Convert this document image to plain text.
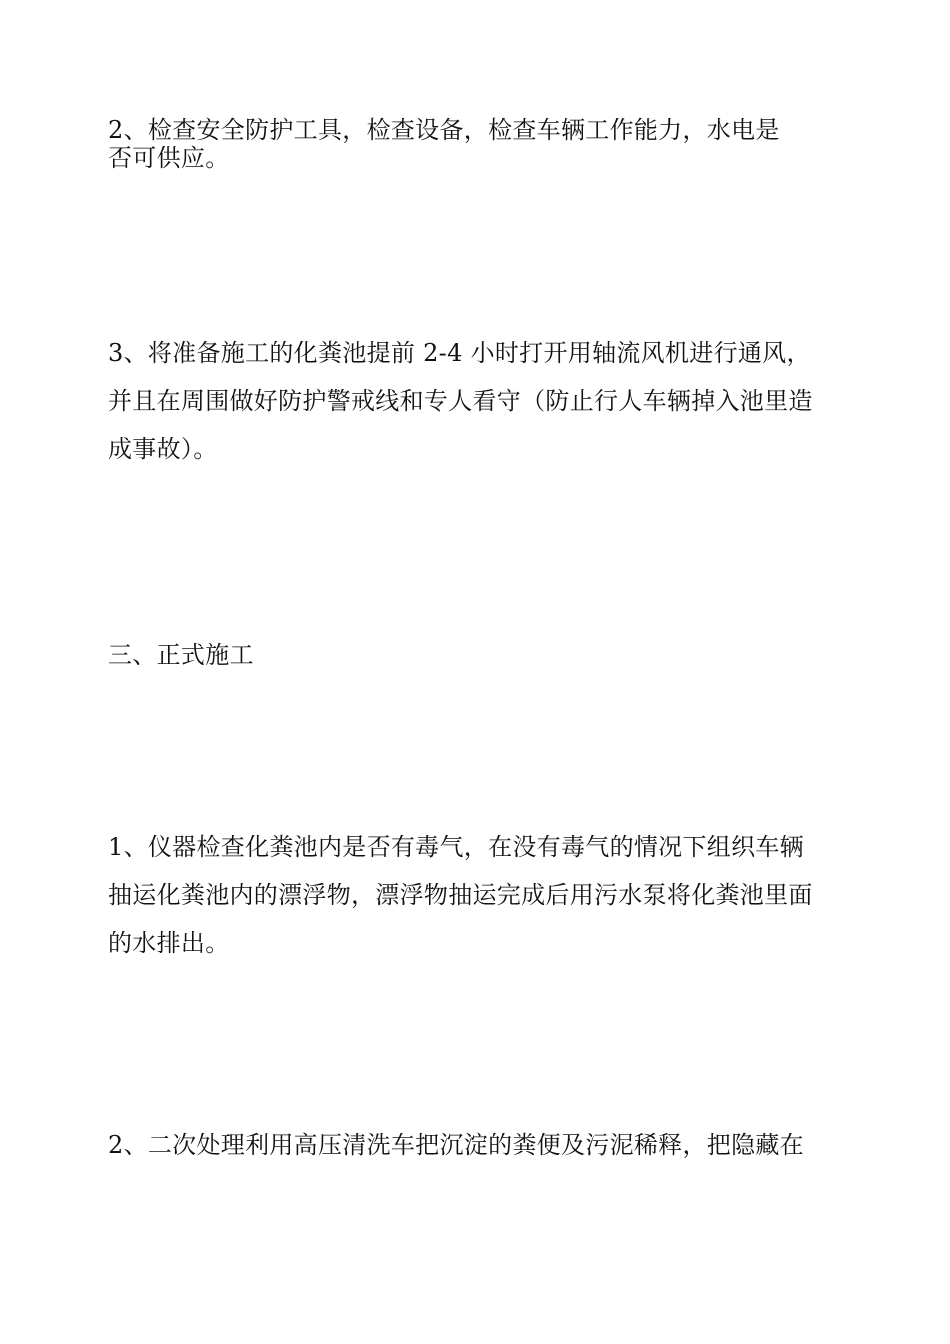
2、检查安全防护工具，检查设备，检查车辆工作能力，水电是
否可供应。
3、将准备施工的化粪池提前 2-4 小时打开用轴流风机进行通风，
并且在周围做好防护警戒线和专人看守（防止行人车辆掉入池里造
成事故）。
三、正式施工
1、仪器检查化粪池内是否有毒气，在没有毒气的情况下组织车辆
抽运化粪池内的漂浮物，漂浮物抽运完成后用污水泵将化粪池里面
的水排出。
2、二次处理利用高压清洗车把沉淀的粪便及污泥稀释，把隐藏在
